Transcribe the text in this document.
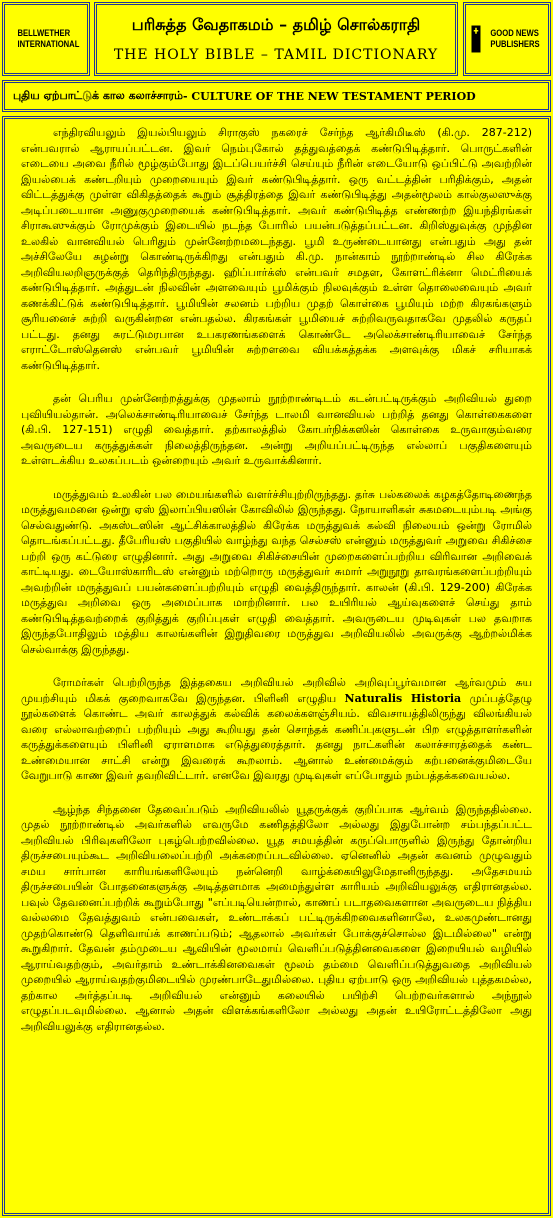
BELLWETHER
INTERNATIONAL
பரிசுத்த வேதாகமம் – தமிழ் சொல்கராதி
THE HOLY BIBLE – TAMIL DICTIONARY
GOOD NEWS
PUBLISHERS
புதிய ஏற்பாட்டுக் கால கலாச்சாரம் - CULTURE OF THE NEW TESTAMENT PERIOD

எந்திரவியலும் இயல்பியலும் சிராகுஸ் நகரைச் சேர்ந்த ஆர்கிமிடீஸ் (கி.மு. 287-212) என்பவரால் ஆராயப்பட்டன. இவர் நெம்புகோல் தத்துவத்தைக் கண்டுபிடித்தார். பொருட்களின் எடையை அவை நீரில் மூழ்கும்போது இடப்பெயர்ச்சி செய்யும் நீரின் எடையோடு ஒப்பிட்டு அவற்றின் இயல்பைக் கண்டறியும் முறையையும் இவர் கண்டுபிடித்தார். ஒரு வட்டத்தின் பரிதிக்கும், அதன் விட்டத்துக்கு முள்ள விகிதத்தைக் கூறும் சூத்திரத்தை இவர் கண்டுபிடித்து அதன்மூலம் கால்குலஸுக்கு அடிப்படையான அணுகுமுறையைக் கண்டுபிடித்தார். அவர் கண்டுபிடித்த எண்ணற்ற இயந்திரங்கள் சிராகூஸுக்கும் ரோமுக்கும் இடையில் நடந்த போரில் பயன்படுத்தப்பட்டன. கிறிஸ்துவுக்கு முந்தின உலகில் வானவியல் பெரிதும் முன்னேற்றமடைந்தது. பூமி உருண்டையானது என்பதும் அது தன் அச்சிலேயே சுழன்று கொண்டிருக்கிறது என்பதும் கி.மு. நான்காம் நூற்றாண்டில் சில கிரேக்க அறிவியலறிஞருக்குத் தெரிந்திருந்தது. ஹிப்பார்க்ஸ் என்பவர் சமதள, கோளட்ரிக்னா மெட்ரியைக் கண்டுபிடித்தார். அத்துடன் நிலவின் அளவையும் பூமிக்கும் நிலவுக்கும் உள்ள தொலைவையும் அவர் கணக்கிட்டுக் கண்டுபிடித்தார். பூமியின் சலனம் பற்றிய முதற் கொள்கை பூமியும் மற்ற கிரகங்களும் சூரியனைச் சுற்றி வருகின்றன என்பதல்ல. கிரகங்கள் பூமியைச் சுற்றிவருவதாகவே முதலில் கருதப் பட்டது. தனது சுரட்டுமரபான உபகரணங்களைக் கொண்டே அலெக்சாண்டிரியாவைச் சேர்ந்த எராட்டோஸ்தெனஸ் என்பவர் பூமியின் சுற்றளவை வியக்கத்தக்க அளவுக்கு மிகச் சரியாகக் கண்டுபிடித்தார்.

தன் பெரிய முன்னேற்றத்துக்கு முதலாம் நூற்றாண்டிடம் கடன்பட்டிருக்கும் அறிவியல் துறை புவியியல்தான். அலெக்சாண்டிரியாவைச் சேர்ந்த டாலமி வானவியல் பற்றித் தனது கொள்கைகளை (கி.பி. 127-151) எழுதி வைத்தார். தற்காலத்தில் கோபர்நிக்கஸின் கொள்கை உருவாகும்வரை அவருடைய கருத்துக்கள் நிலைத்திருந்தன. அன்று அறியப்பட்டிருந்த எல்லாப் பகுதிகளையும் உள்ளடக்கிய உலகப்படம் ஒன்றையும் அவர் உருவாக்கினார்.

மருத்துவம் உலகின் பல மையங்களில் வளர்ச்சியுற்றிருந்தது. தர்சு பல்கலைக் கழகத்தோடிணைந்த மருத்துவமனை ஒன்று ஏஸ் இலாப்பியஸின் கோவிலில் இருந்தது. நோயாளிகள் சுகமடையும்படி அங்கு செல்வதுண்டு. அகஸ்டஸின் ஆட்சிக்காலத்தில் கிரேக்க மருத்துவக் கல்வி நிலையம் ஒன்று ரோமில் தொடங்கப்பட்டது. தீபேரியஸ் பகுதியில் வாழ்ந்து வந்த செல்சஸ் என்னும் மருத்துவர் அறுவை சிகிச்சை பற்றி ஒரு கட்டுரை எழுதினார். அது அறுவை சிகிச்சையின் முறைகளைப்பற்றிய விரிவான அறிவைக் காட்டியது. டையோஸ்காரிடஸ் என்னும் மற்றொரு மருத்துவர் சுமார் அறுநூறு தாவரங்களைப்பற்றியும் அவற்றின் மருத்துவப் பயன்களைப்பற்றியும் எழுதி வைத்திருந்தார். காலன் (கி.பி. 129-200) கிரேக்க மருத்துவ அறிவை ஒரு அமைப்பாக மாற்றினார். பல உயிரியல் ஆய்வுகளைச் செய்து தாம் கண்டுபிடித்தவற்றைக் குறித்துக் குறிப்புகள் எழுதி வைத்தார். அவருடைய முடிவுகள் பல தவறாக இருந்தபோதிலும் மத்திய காலங்களின் இறுதிவரை மருத்துவ அறிவியலில் அவருக்கு ஆற்றல்மிக்க செல்வாக்கு இருந்தது.

ரோமர்கள் பெற்றிருந்த இத்தகைய அறிவியல் அறிவில் அறிவுப்பூர்வமான ஆர்வமும் சுய முயற்சியும் மிகக் குறைவாகவே இருந்தன. பிளினி எழுதிய Naturalis Historia முப்பத்தேழு நூல்களைக் கொண்ட அவர் காலத்துக் கல்விக் கலைக்களஞ்சியம். விவசாயத்திலிருந்து விலங்கியல் வரை எல்லாவற்றைப் பற்றியும் அது கூறியது தன் சொந்தக் கணிப்புகளுடன் பிற எழுத்தாளர்களின் கருத்துக்களையும் பிளினி ஏராளமாக எடுத்துரைத்தார். தனது நாட்களின் கலாச்சாரத்தைக் கண்ட உண்மையான சாட்சி என்று இவரைக் கூறலாம். ஆனால் உண்மைக்கும் கற்பனைக்குமிடையே வேறுபாடு காண இவர் தவறிவிட்டார். எனவே இவரது முடிவுகள் எப்போதும் நம்பத்தக்கவையல்ல.

ஆழ்ந்த சிந்தனை தேவைப்படும் அறிவியலில் யூதருக்குக் குறிப்பாக ஆர்வம் இருந்ததில்லை. முதல் நூற்றாண்டில் அவர்களில் எவருமே கணிதத்திலோ அல்லது இதுபோன்ற சம்பந்தப்பட்ட அறிவியல் பிரிவுகளிலோ புகழ்பெற்றவில்லை. யூத சமயத்தின் கருப்பொருளில் இருந்து தோன்றிய திருச்சபையும்கூட அறிவியலைப்பற்றி அக்கறைப்படவில்லை. ஏனெனில் அதன் கவனம் முழுவதும் சமய சார்பான காரியங்களிலேயும் நன்னெறி வாழ்க்கையிலுமேதானிருந்தது. அதேசமயம் திருச்சபையின் போதனைகளுக்கு அடித்தளமாக அமைந்துள்ள காரியம் அறிவியலுக்கு எதிரானதல்ல. பவுல் தேவனைப்பற்றிக் கூறும்போது "எப்படியென்றால், காணப் படாதவைகளான அவருடைய நித்திய வல்லமை தேவத்துவம் என்பவைகள், உண்டாக்கப் பட்டிருக்கிறவைகளினாலே, உலகமுண்டானது முதற்கொண்டு தெளிவாய்க் காணப்படும்; ஆதலால் அவர்கள் போக்குச்சொல்ல இடமில்லை" என்று கூறுகிறார். தேவன் தம்முடைய ஆவியின் மூலமாய் வெளிப்படுத்தினவைகளை இறையியல் வழியில் ஆராய்வதற்கும், அவர்தாம் உண்டாக்கினவைகள் மூலம் தம்மை வெளிப்படுத்துவதை அறிவியல் முறையில் ஆராய்வதற்குமிடையில் முரண்பாடேதுமில்லை. புதிய ஏற்பாடு ஒரு அறிவியல் புத்தகமல்ல, தற்கால அர்த்தப்படி அறிவியல் என்னும் கலையில் பயிற்சி பெற்றவர்களால் அந்நூல் எழுதப்படவுமில்லை. ஆனால் அதன் விளக்கங்களிலோ அல்லது அதன் உயிரோட்டத்திலோ அது அறிவியலுக்கு எதிரானதல்ல.
